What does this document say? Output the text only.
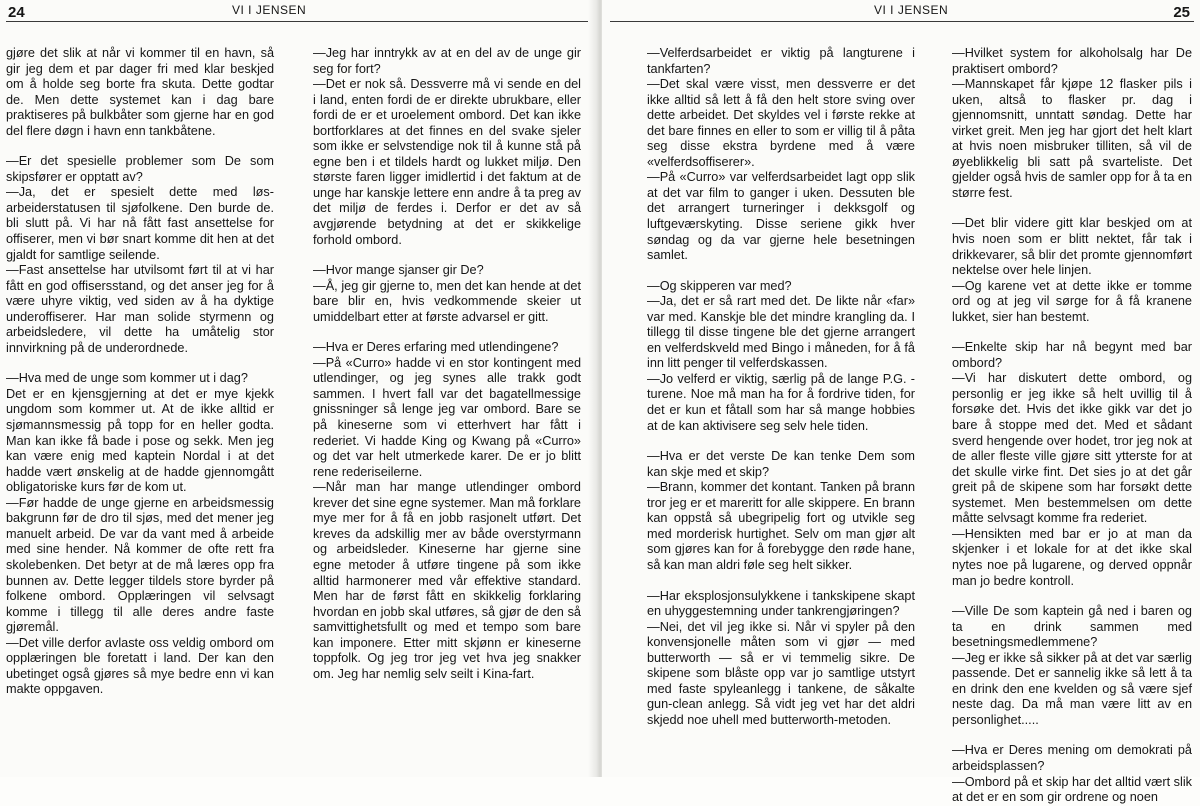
24	VI I JENSEN

gjøre det slik at når vi kommer til en havn, så gir jeg dem et par dager fri med klar beskjed om å holde seg borte fra skuta. Dette godtar de. Men dette systemet kan i dag bare praktiseres på bulkbåter som gjerne har en god del flere døgn i havn enn tankbåtene.

—Er det spesielle problemer som De som skipsfører er opptatt av?

—Ja, det er spesielt dette med løs-arbeiderstatusen til sjøfolkene. Den burde de. bli slutt på. Vi har nå fått fast ansettelse for offiserer, men vi bør snart komme dit hen at det gjaldt for samtlige seilende.

—Fast ansettelse har utvilsomt ført til at vi har fått en god offisersstand, og det anser jeg for å være uhyre viktig, ved siden av å ha dyktige underoffiserer. Har man solide styrmenn og arbeidsledere, vil dette ha umåtelig stor innvirkning på de underordnede.

—Hva med de unge som kommer ut i dag?

Det er en kjensgjerning at det er mye kjekk ungdom som kommer ut. At de ikke alltid er sjømannsmessig på topp for en heller godta. Man kan ikke få bade i pose og sekk. Men jeg kan være enig med kaptein Nordal i at det hadde vært ønskelig at de hadde gjennomgått obligatoriske kurs før de kom ut.

—Før hadde de unge gjerne en arbeidsmessig bakgrunn før de dro til sjøs, med det mener jeg manuelt arbeid. De var da vant med å arbeide med sine hender. Nå kommer de ofte rett fra skolebenken. Det betyr at de må læres opp fra bunnen av. Dette legger tildels store byrder på folkene ombord. Opplæringen vil selvsagt komme i tillegg til alle deres andre faste gjøremål.

—Det ville derfor avlaste oss veldig ombord om opplæringen ble foretatt i land. Der kan den ubetinget også gjøres så mye bedre enn vi kan makte oppgaven.

—Jeg har inntrykk av at en del av de unge gir seg for fort?

—Det er nok så. Dessverre må vi sende en del i land, enten fordi de er direkte ubrukbare, eller fordi de er et uroelement ombord. Det kan ikke bortforklares at det finnes en del svake sjeler som ikke er selvstendige nok til å kunne stå på egne ben i et tildels hardt og lukket miljø. Den største faren ligger imidlertid i det faktum at de unge har kanskje lettere enn andre å ta preg av det miljø de ferdes i. Derfor er det av så avgjørende betydning at det er skikkelige forhold ombord.

—Hvor mange sjanser gir De?

—Å, jeg gir gjerne to, men det kan hende at det bare blir en, hvis vedkommende skeier ut umiddelbart etter at første advarsel er gitt.

—Hva er Deres erfaring med utlendingene?

—På «Curro» hadde vi en stor kontingent med utlendinger, og jeg synes alle trakk godt sammen. I hvert fall var det bagatellmessige gnissninger så lenge jeg var ombord. Bare se på kineserne som vi etterhvert har fått i rederiet. Vi hadde King og Kwang på «Curro» og det var helt utmerkede karer. De er jo blitt rene rederiseilerne.

—Når man har mange utlendinger ombord krever det sine egne systemer. Man må forklare mye mer for å få en jobb rasjonelt utført. Det kreves da adskillig mer av både overstyrmann og arbeidsleder. Kineserne har gjerne sine egne metoder å utføre tingene på som ikke alltid harmonerer med vår effektive standard. Men har de først fått en skikkelig forklaring hvordan en jobb skal utføres, så gjør de den så samvittighetsfullt og med et tempo som bare kan imponere. Etter mitt skjønn er kineserne toppfolk. Og jeg tror jeg vet hva jeg snakker om. Jeg har nemlig selv seilt i Kina-fart.

25
VI I JENSEN

—Velferdsarbeidet er viktig på langturene i tankfarten?

—Det skal være visst, men dessverre er det ikke alltid så lett å få den helt store sving over dette arbeidet. Det skyldes vel i første rekke at det bare finnes en eller to som er villig til å påta seg disse ekstra byrdene med å være «velferdsoffiserer».

—På «Curro» var velferdsarbeidet lagt opp slik at det var film to ganger i uken. Dessuten ble det arrangert turneringer i dekksgolf og luftgeværskyting. Disse seriene gikk hver søndag og da var gjerne hele besetningen samlet.

—Og skipperen var med?

—Ja, det er så rart med det. De likte når «far» var med. Kanskje ble det mindre krangling da. I tillegg til disse tingene ble det gjerne arrangert en velferdskveld med Bingo i måneden, for å få inn litt penger til velferdskassen.

—Jo velferd er viktig, særlig på de lange P.G. -turene. Noe må man ha for å fordrive tiden, for det er kun et fåtall som har så mange hobbies at de kan aktivisere seg selv hele tiden.

—Hva er det verste De kan tenke Dem som kan skje med et skip?

—Brann, kommer det kontant. Tanken på brann tror jeg er et mareritt for alle skippere. En brann kan oppstå så ubegripelig fort og utvikle seg med morderisk hurtighet. Selv om man gjør alt som gjøres kan for å forebygge den røde hane, så kan man aldri føle seg helt sikker.

—Har eksplosjonsulykkene i tankskipene skapt en uhyggestemning under tankrengjøringen?

—Nei, det vil jeg ikke si. Når vi spyler på den konvensjonelle måten som vi gjør — med butterworth — så er vi temmelig sikre. De skipene som blåste opp var jo samtlige utstyrt med faste spyleanlegg i tankene, de såkalte gun-clean anlegg. Så vidt jeg vet har det aldri skjedd noe uhell med butterworth-metoden.

—Hvilket system for alkoholsalg har De praktisert ombord?

—Mannskapet får kjøpe 12 flasker pils i uken, altså to flasker pr. dag i gjennomsnitt, unntatt søndag. Dette har virket greit. Men jeg har gjort det helt klart at hvis noen misbruker tilliten, så vil de øyeblikkelig bli satt på svarteliste. Det gjelder også hvis de samler opp for å ta en større fest.

—Det blir videre gitt klar beskjed om at hvis noen som er blitt nektet, får tak i drikkevarer, så blir det promte gjennomført nektelse over hele linjen.

—Og karene vet at dette ikke er tomme ord og at jeg vil sørge for å få kranene lukket, sier han bestemt.

—Enkelte skip har nå begynt med bar ombord?

—Vi har diskutert dette ombord, og personlig er jeg ikke så helt uvillig til å forsøke det. Hvis det ikke gikk var det jo bare å stoppe med det. Med et sådant sverd hengende over hodet, tror jeg nok at de aller fleste ville gjøre sitt ytterste for at det skulle virke fint. Det sies jo at det går greit på de skipene som har forsøkt dette systemet. Men bestemmelsen om dette måtte selvsagt komme fra rederiet.

—Hensikten med bar er jo at man da skjenker i et lokale for at det ikke skal nytes noe på lugarene, og derved oppnår man jo bedre kontroll.

—Ville De som kaptein gå ned i baren og ta en drink sammen med besetningsmedlemmene?

—Jeg er ikke så sikker på at det var særlig passende. Det er sannelig ikke så lett å ta en drink den ene kvelden og så være sjef neste dag. Da må man være litt av en personlighet.....

—Hva er Deres mening om demokrati på arbeidsplassen?

—Ombord på et skip har det alltid vært slik at det er en som gir ordrene og noen
